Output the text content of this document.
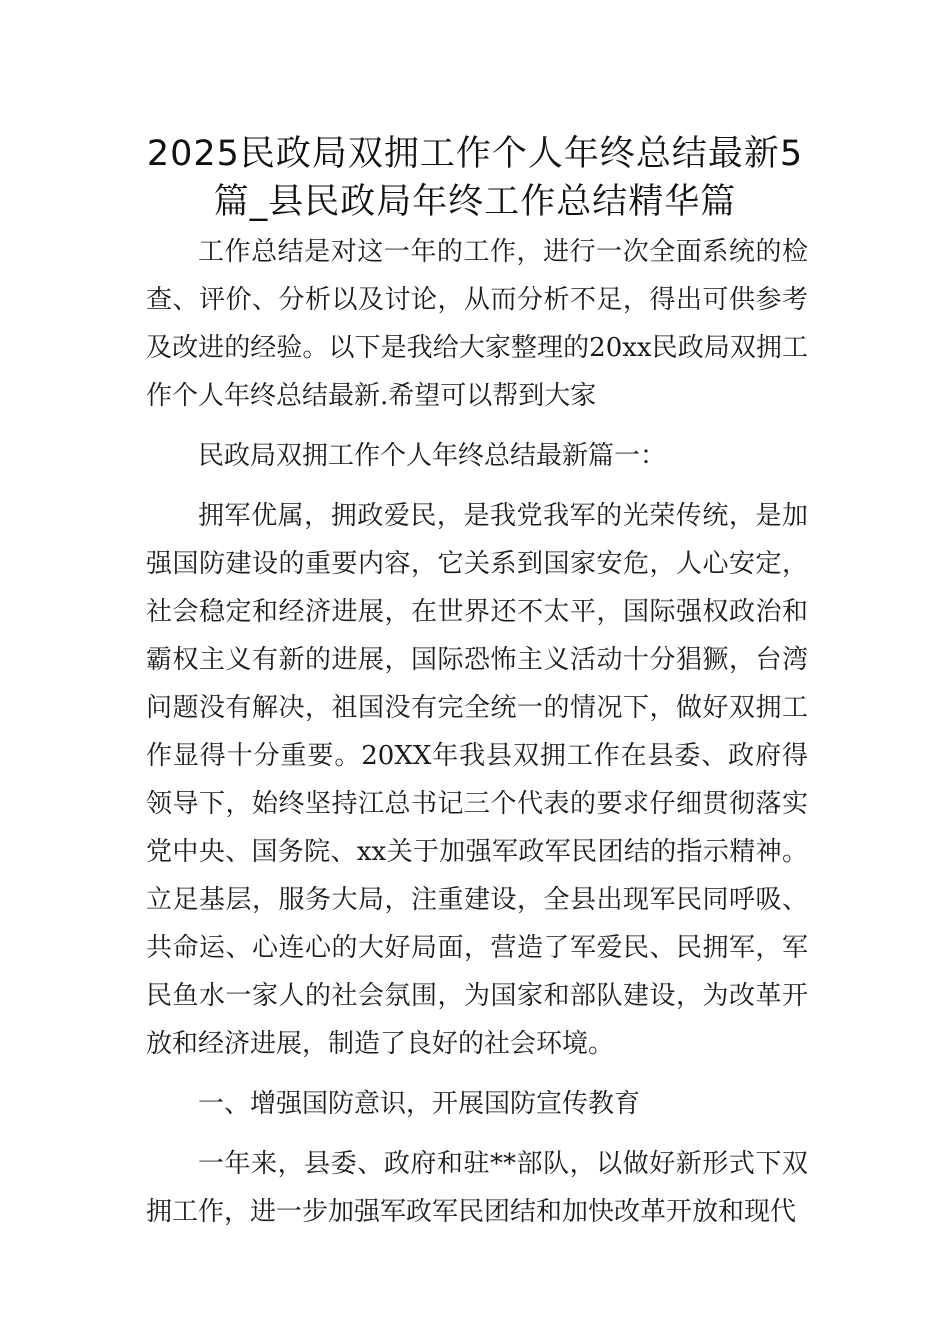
2025民政局双拥工作个人年终总结最新5篇_县民政局年终工作总结精华篇

工作总结是对这一年的工作，进行一次全面系统的检查、评价、分析以及讨论，从而分析不足，得出可供参考及改进的经验。以下是我给大家整理的20xx民政局双拥工作个人年终总结最新.希望可以帮到大家

民政局双拥工作个人年终总结最新篇一：

拥军优属，拥政爱民，是我党我军的光荣传统，是加强国防建设的重要内容，它关系到国家安危，人心安定，社会稳定和经济进展，在世界还不太平，国际强权政治和霸权主义有新的进展，国际恐怖主义活动十分猖獗，台湾问题没有解决，祖国没有完全统一的情况下，做好双拥工作显得十分重要。20XX年我县双拥工作在县委、政府得领导下，始终坚持江总书记三个代表的要求仔细贯彻落实党中央、国务院、xx关于加强军政军民团结的指示精神。立足基层，服务大局，注重建设，全县出现军民同呼吸、共命运、心连心的大好局面，营造了军爱民、民拥军，军民鱼水一家人的社会氛围，为国家和部队建设，为改革开放和经济进展，制造了良好的社会环境。

一、增强国防意识，开展国防宣传教育

一年来，县委、政府和驻**部队，以做好新形式下双拥工作，进一步加强军政军民团结和加快改革开放和现代
